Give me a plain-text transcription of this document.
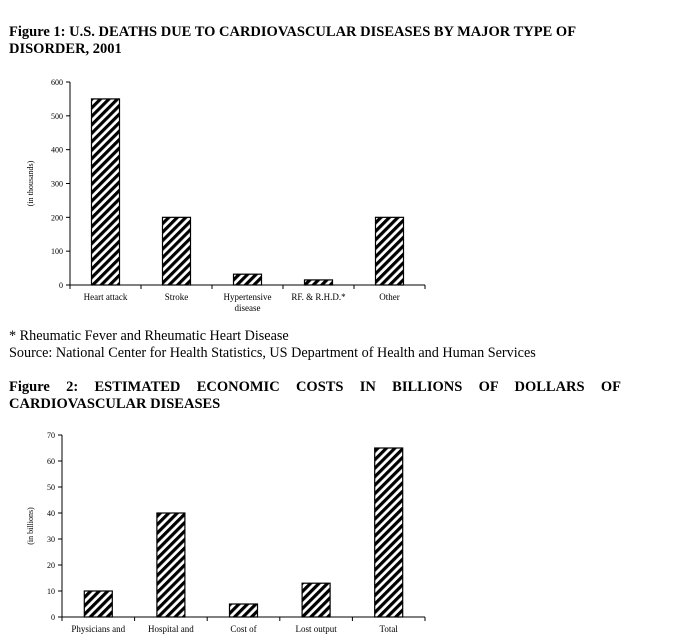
Figure 1: U.S. DEATHS DUE TO CARDIOVASCULAR DISEASES BY MAJOR TYPE OF DISORDER, 2001
0
100
200
300
400
500
600
(in thousands)
Heart attack	Stroke	Hypertensive
disease
RF. & R.H.D.*	Other
* Rheumatic Fever and Rheumatic Heart Disease
Source: National Center for Health Statistics, US Department of Health and Human Services
Figure 2: ESTIMATED ECONOMIC COSTS IN BILLIONS OF DOLLARS OF
CARDIOVASCULAR DISEASES
0
10
20
30
40
50
60
70
(in billions)
Physicians and	Hospital and	Cost of	Lost output	Total
